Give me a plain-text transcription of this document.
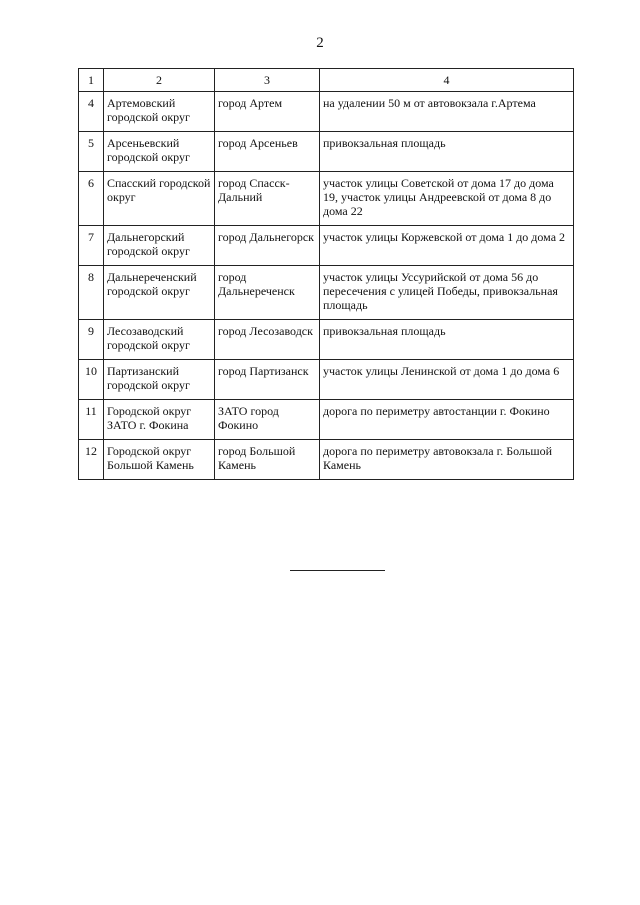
2
1	2	3	4
4	Артемовский городской округ	город Артем	на удалении 50 м от автовокзала г.Артема
5	Арсеньевский городской округ	город Арсеньев	привокзальная площадь
6	Спасский городской округ	город Спасск-Дальний	участок улицы Советской от дома 17 до дома 19, участок улицы Андреевской от дома 8 до дома 22
7	Дальнегорский городской округ	город Дальнегорск	участок улицы Коржевской от дома 1 до дома 2
8	Дальнереченский городской округ	город Дальнереченск	участок улицы Уссурийской от дома 56 до пересечения с улицей Победы, привокзальная площадь
9	Лесозаводский городской округ	город Лесозаводск	привокзальная площадь
10	Партизанский городской округ	город Партизанск	участок улицы Ленинской от дома 1 до дома 6
11	Городской округ ЗАТО г. Фокина	ЗАТО город Фокино	дорога по периметру автостанции г. Фокино
12	Городской округ Большой Камень	город Большой Камень	дорога по периметру автовокзала г. Большой Камень
